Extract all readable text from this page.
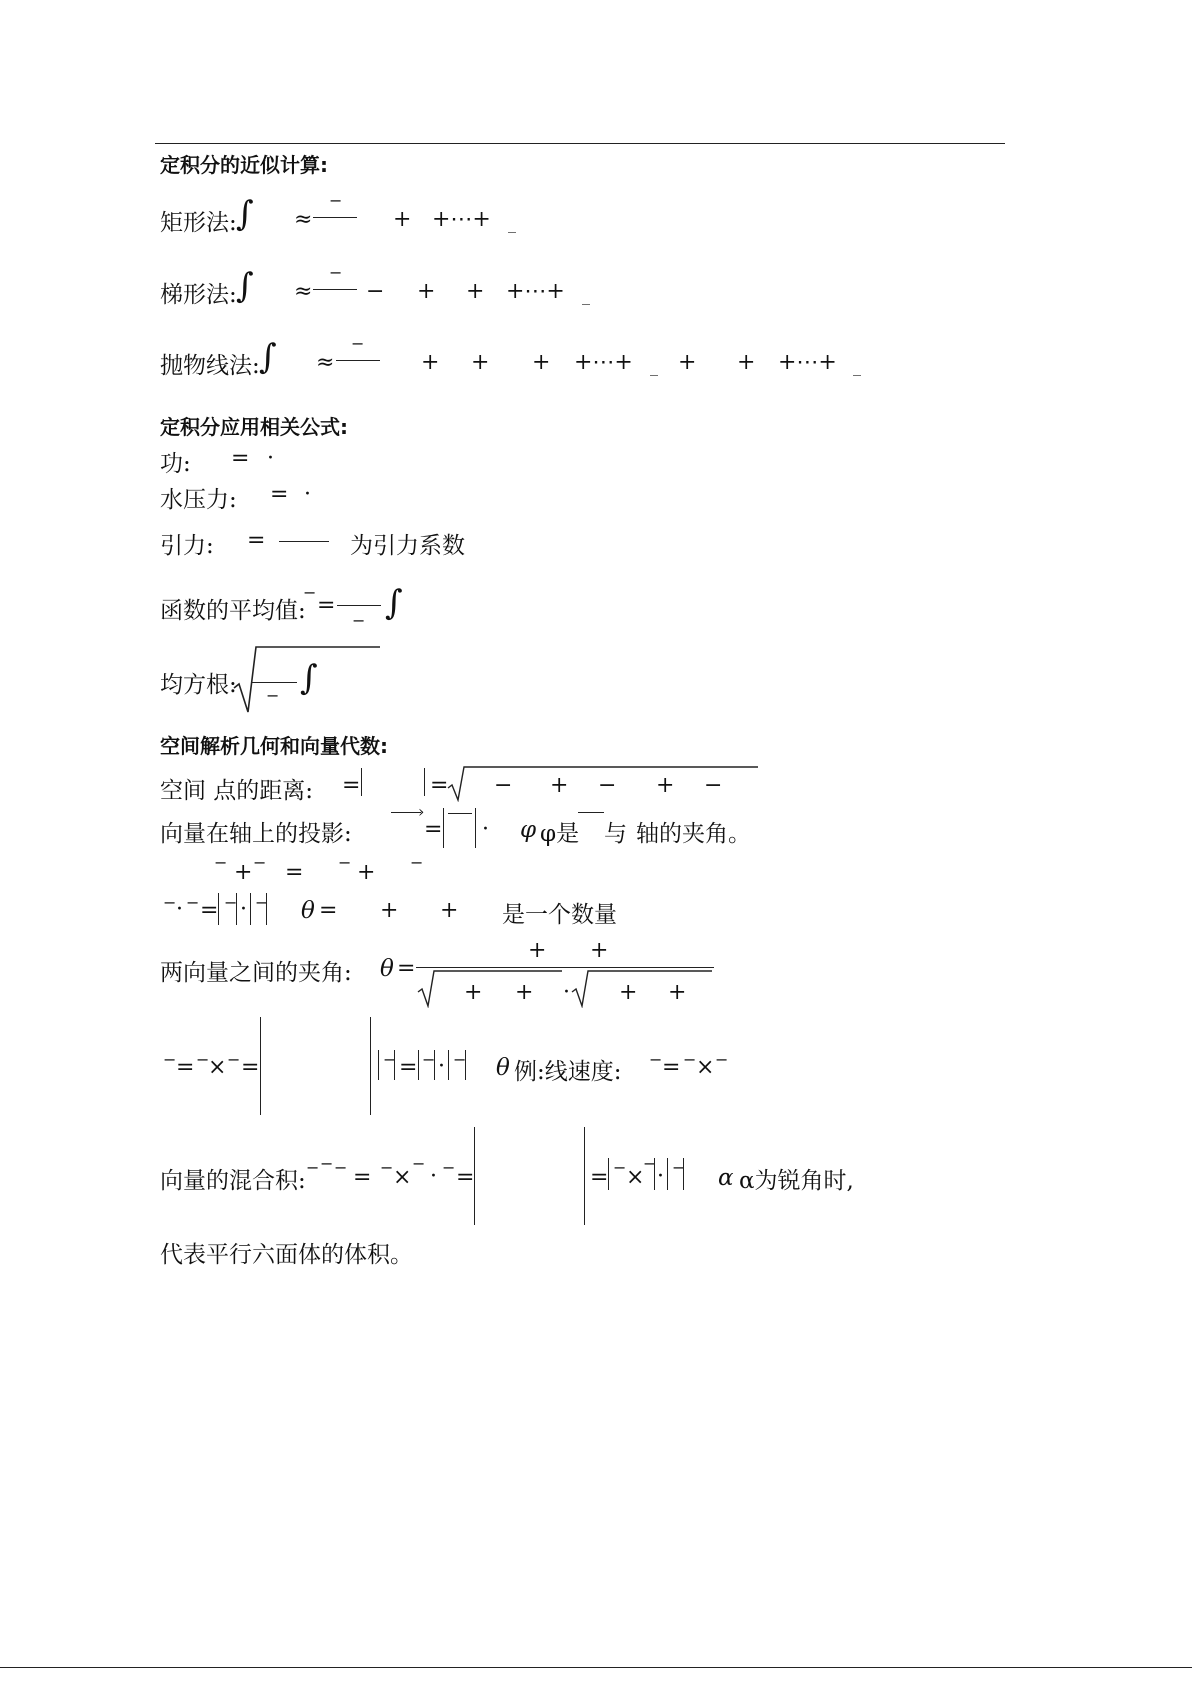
定积分的近似计算:
矩形法: ∫ ≈
−
+ +⋯+ _
梯形法: ∫ ≈
−
− + + +⋯+ _
抛物线法: ∫ ≈
−
+ + + +⋯+ _ + + +⋯+ _
定积分应用相关公式:
功: = ·
水压力: = ·
引力: =	为引力系数
函数的平均值:
−
=
− ∫
均方根: − ∫
空间解析几何和向量代数:
空间 点的距离: =	= − + − + −
向量在轴上的投影:
›
= · φ φ是 与 轴的夹角。
− + − = − + −
− · − = − · − θ = + + 是一个数量
两向量之间的夹角: θ =
+ +
+ + · + +
− = −
× − =	− = − · − θ 例:线速度: − = − × −
向量的混合积:
− − − = − ×
−
· − =	= − ×
−
· − α α为锐角时,
代表平行六面体的体积。
